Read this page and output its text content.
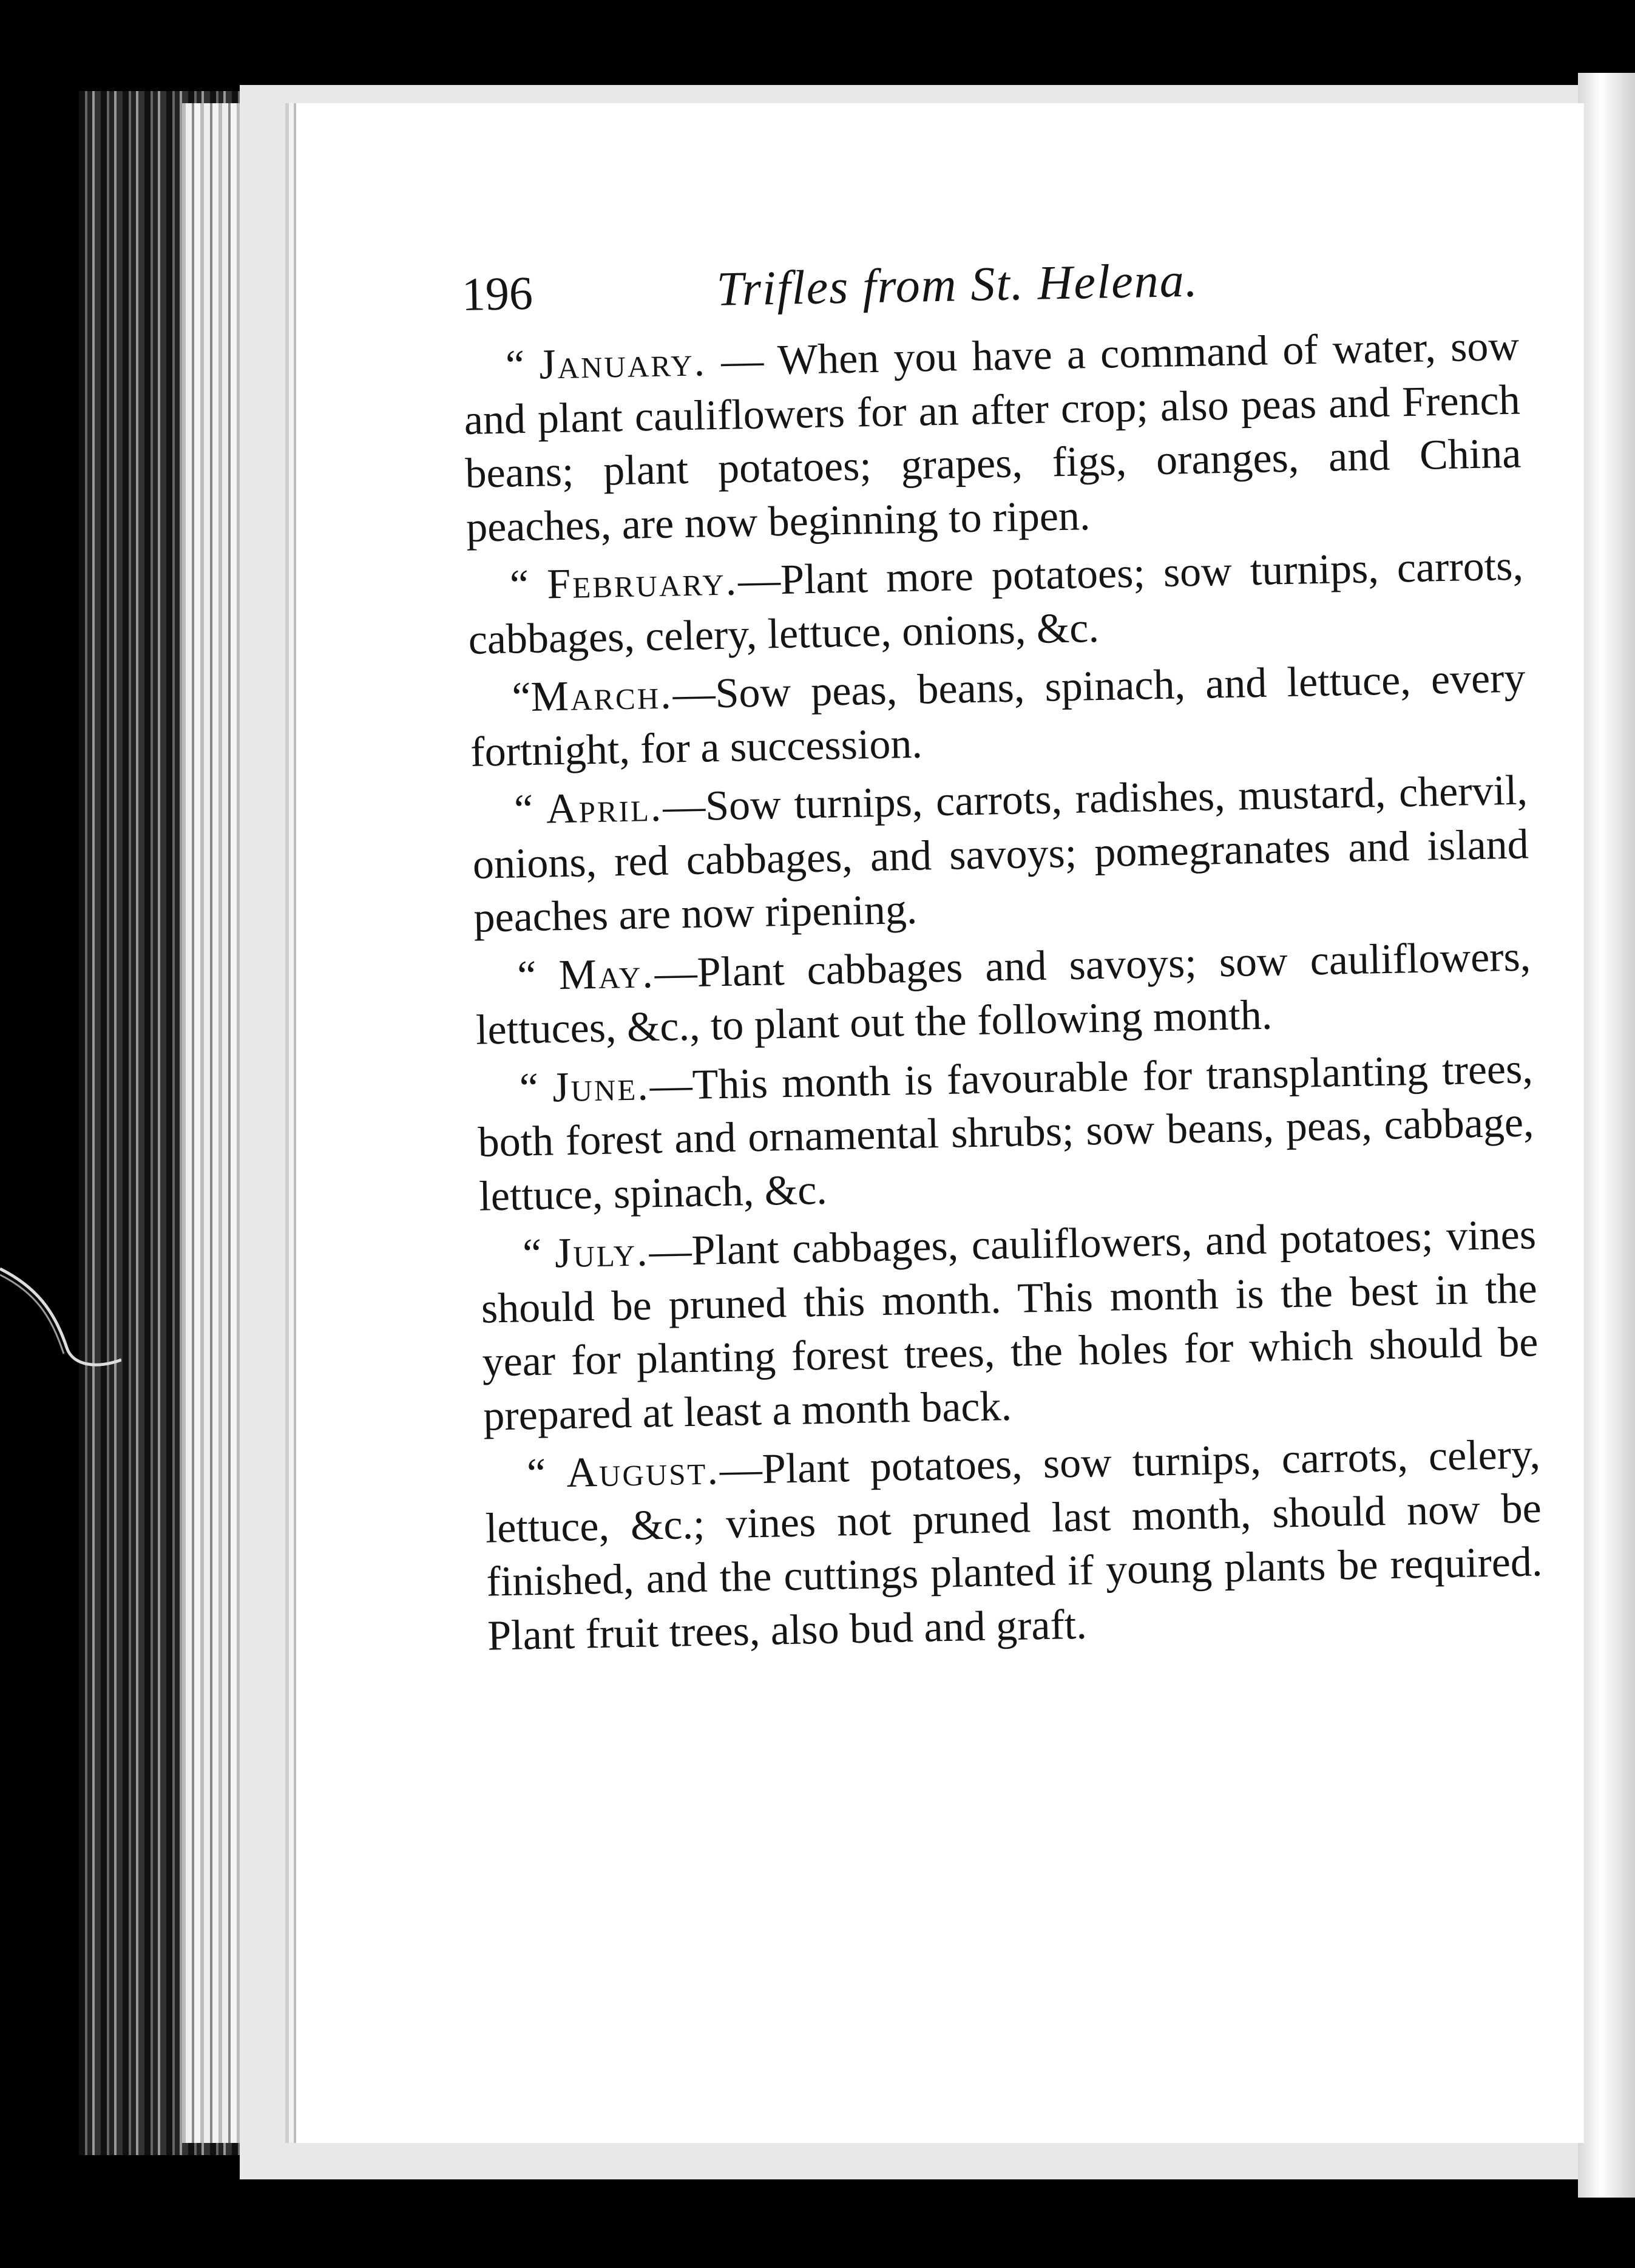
196	Trifles from St. Helena.

“ January. — When you have a command of water, sow and plant cauliflowers for an after crop; also peas and French beans; plant potatoes; grapes, figs, oranges, and China peaches, are now beginning to ripen.

“ February.—Plant more potatoes; sow turnips, carrots, cabbages, celery, lettuce, onions, &c.

“March.—Sow peas, beans, spinach, and lettuce, every fortnight, for a succession.

“ April.—Sow turnips, carrots, radishes, mustard, chervil, onions, red cabbages, and savoys; pomegranates and island peaches are now ripening.

“ May.—Plant cabbages and savoys; sow cauliflowers, lettuces, &c., to plant out the following month.

“ June.—This month is favourable for transplanting trees, both forest and ornamental shrubs; sow beans, peas, cabbage, lettuce, spinach, &c.

“ July.—Plant cabbages, cauliflowers, and potatoes; vines should be pruned this month. This month is the best in the year for planting forest trees, the holes for which should be prepared at least a month back.

“ August.—Plant potatoes, sow turnips, carrots, celery, lettuce, &c.; vines not pruned last month, should now be finished, and the cuttings planted if young plants be required. Plant fruit trees, also bud and graft.
